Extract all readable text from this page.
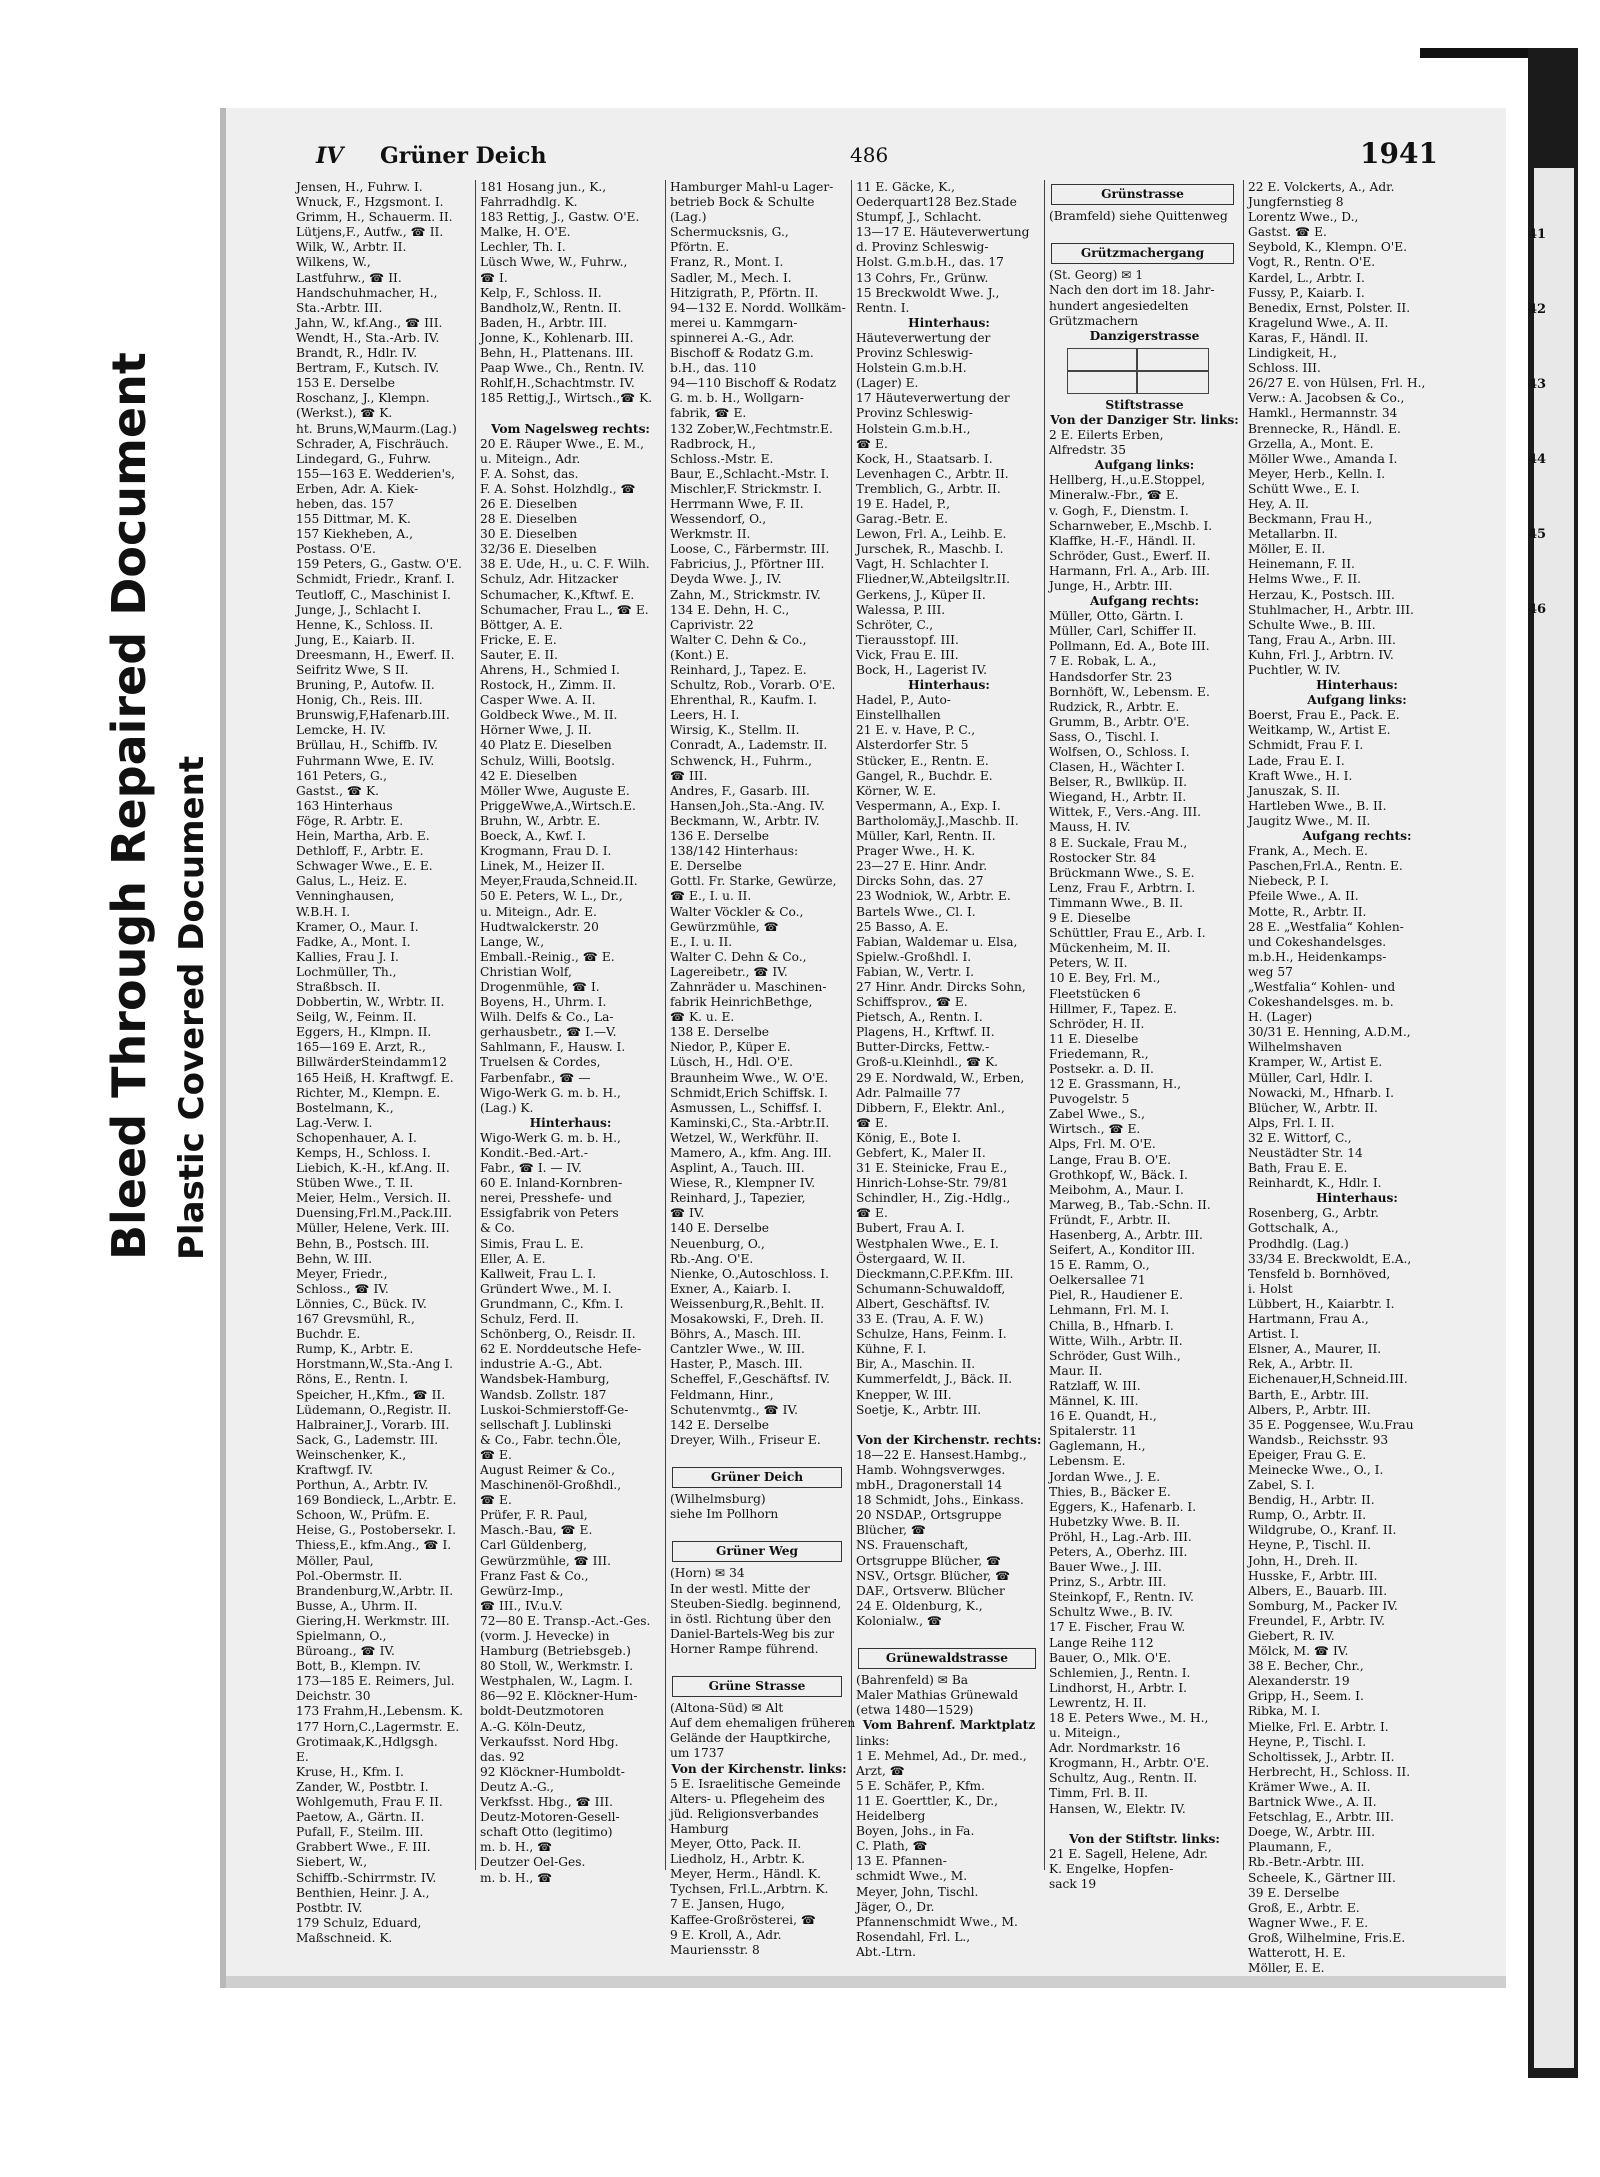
Bleed Through Repaired Document Plastic Covered Document
41
42
43
44
45
46
IV Grüner Deich	486	1941
Jensen, H., Fuhrw. I.
Wnuck, F., Hzgsmont. I.
Grimm, H., Schauerm. II.
Lütjens,F., Autfw., ☎ II.
Wilk, W., Arbtr. II.
Wilkens, W.,
Lastfuhrw., ☎ II.
Handschuhmacher, H.,
Sta.-Arbtr. III.
Jahn, W., kf.Ang., ☎ III.
Wendt, H., Sta.-Arb. IV.
Brandt, R., Hdlr. IV.
Bertram, F., Kutsch. IV.
153 E. Derselbe
Roschanz, J., Klempn.
(Werkst.), ☎ K.
ht. Bruns,W,Maurm.(Lag.)
Schrader, A, Fischräuch.
Lindegard, G., Fuhrw.
155—163 E. Wedderien's,
Erben, Adr. A. Kiek-
heben, das. 157
155 Dittmar, M. K.
157 Kiekheben, A.,
Postass. O'E.
159 Peters, G., Gastw. O'E.
Schmidt, Friedr., Kranf. I.
Teutloff, C., Maschinist I.
Junge, J., Schlacht I.
Henne, K., Schloss. II.
Jung, E., Kaiarb. II.
Dreesmann, H., Ewerf. II.
Seifritz Wwe, S II.
Bruning, P., Autofw. II.
Honig, Ch., Reis. III.
Brunswig,F,Hafenarb.III.
Lemcke, H. IV.
Brüllau, H., Schiffb. IV.
Fuhrmann Wwe, E. IV.
161 Peters, G.,
Gastst., ☎ K.
163 Hinterhaus
Föge, R. Arbtr. E.
Hein, Martha, Arb. E.
Dethloff, F., Arbtr. E.
Schwager Wwe., E. E.
Galus, L., Heiz. E.
Venninghausen,
W.B.H. I.
Kramer, O., Maur. I.
Fadke, A., Mont. I.
Kallies, Frau J. I.
Lochmüller, Th.,
Straßbsch. II.
Dobbertin, W., Wrbtr. II.
Seilg, W., Feinm. II.
Eggers, H., Klmpn. II.
165—169 E. Arzt, R.,
BillwärderSteindamm12
165 Heiß, H. Kraftwgf. E.
Richter, M., Klempn. E.
Bostelmann, K.,
Lag.-Verw. I.
Schopenhauer, A. I.
Kemps, H., Schloss. I.
Liebich, K.-H., kf.Ang. II.
Stüben Wwe., T. II.
Meier, Helm., Versich. II.
Duensing,Frl.M.,Pack.III.
Müller, Helene, Verk. III.
Behn, B., Postsch. III.
Behn, W. III.
Meyer, Friedr.,
Schloss., ☎ IV.
Lönnies, C., Bück. IV.
167 Grevsmühl, R.,
Buchdr. E.
Rump, K., Arbtr. E.
Horstmann,W.,Sta.-Ang I.
Röns, E., Rentn. I.
Speicher, H.,Kfm., ☎ II.
Lüdemann, O.,Registr. II.
Halbrainer,J., Vorarb. III.
Sack, G., Lademstr. III.
Weinschenker, K.,
Kraftwgf. IV.
Porthun, A., Arbtr. IV.
169 Bondieck, L.,Arbtr. E.
Schoon, W., Prüfm. E.
Heise, G., Postobersekr. I.
Thiess,E., kfm.Ang., ☎ I.
Möller, Paul,
Pol.-Obermstr. II.
Brandenburg,W.,Arbtr. II.
Busse, A., Uhrm. II.
Giering,H. Werkmstr. III.
Spielmann, O.,
Büroang., ☎ IV.
Bott, B., Klempn. IV.
173—185 E. Reimers, Jul.
Deichstr. 30
173 Frahm,H.,Lebensm. K.
177 Horn,C.,Lagermstr. E.
Grotimaak,K.,Hdlgsgh.
E.
Kruse, H., Kfm. I.
Zander, W., Postbtr. I.
Wohlgemuth, Frau F. II.
Paetow, A., Gärtn. II.
Pufall, F., Steilm. III.
Grabbert Wwe., F. III.
Siebert, W.,
Schiffb.-Schirrmstr. IV.
Benthien, Heinr. J. A.,
Postbtr. IV.
179 Schulz, Eduard,
Maßschneid. K.
181 Hosang jun., K.,
Fahrradhdlg. K.
183 Rettig, J., Gastw. O'E.
Malke, H. O'E.
Lechler, Th. I.
Lüsch Wwe, W., Fuhrw.,
☎ I.
Kelp, F., Schloss. II.
Bandholz,W., Rentn. II.
Baden, H., Arbtr. III.
Jonne, K., Kohlenarb. III.
Behn, H., Plattenans. III.
Paap Wwe., Ch., Rentn. IV.
Rohlf,H.,Schachtmstr. IV.
185 Rettig,J., Wirtsch.,☎ K.

Vom Nagelsweg rechts:
20 E. Räuper Wwe., E. M.,
u. Miteign., Adr.
F. A. Sohst, das.
F. A. Sohst. Holzhdlg., ☎
26 E. Dieselben
28 E. Dieselben
30 E. Dieselben
32/36 E. Dieselben
38 E. Ude, H., u. C. F. Wilh.
Schulz, Adr. Hitzacker
Schumacher, K.,Kftwf. E.
Schumacher, Frau L., ☎ E.
Böttger, A. E.
Fricke, E. E.
Sauter, E. II.
Ahrens, H., Schmied I.
Rostock, H., Zimm. II.
Casper Wwe. A. II.
Goldbeck Wwe., M. II.
Hörner Wwe, J. II.
40 Platz E. Dieselben
Schulz, Willi, Bootslg.
42 E. Dieselben
Möller Wwe, Auguste E.
PriggeWwe,A.,Wirtsch.E.
Bruhn, W., Arbtr. E.
Boeck, A., Kwf. I.
Krogmann, Frau D. I.
Linek, M., Heizer II.
Meyer,Frauda,Schneid.II.
50 E. Peters, W. L., Dr.,
u. Miteign., Adr. E.
Hudtwalckerstr. 20
Lange, W.,
Emball.-Reinig., ☎ E.
Christian Wolf,
Drogenmühle, ☎ I.
Boyens, H., Uhrm. I.
Wilh. Delfs & Co., La-
gerhausbetr., ☎ I.—V.
Sahlmann, F., Hausw. I.
Truelsen & Cordes,
Farbenfabr., ☎ —
Wigo-Werk G. m. b. H.,
(Lag.) K.
Hinterhaus:
Wigo-Werk G. m. b. H.,
Kondit.-Bed.-Art.-
Fabr., ☎ I. — IV.
60 E. Inland-Kornbren-
nerei, Presshefe- und
Essigfabrik von Peters
& Co.
Simis, Frau L. E.
Eller, A. E.
Kallweit, Frau L. I.
Gründert Wwe., M. I.
Grundmann, C., Kfm. I.
Schulz, Ferd. II.
Schönberg, O., Reisdr. II.
62 E. Norddeutsche Hefe-
industrie A.-G., Abt.
Wandsbek-Hamburg,
Wandsb. Zollstr. 187
Luskoi-Schmierstoff-Ge-
sellschaft J. Lublinski
& Co., Fabr. techn.Öle,
☎ E.
August Reimer & Co.,
Maschinenöl-Großhdl.,
☎ E.
Prüfer, F. R. Paul,
Masch.-Bau, ☎ E.
Carl Güldenberg,
Gewürzmühle, ☎ III.
Franz Fast & Co.,
Gewürz-Imp.,
☎ III., IV.u.V.
72—80 E. Transp.-Act.-Ges.
(vorm. J. Hevecke) in
Hamburg (Betriebsgeb.)
80 Stoll, W., Werkmstr. I.
Westphalen, W., Lagm. I.
86—92 E. Klöckner-Hum-
boldt-Deutzmotoren
A.-G. Köln-Deutz,
Verkaufsst. Nord Hbg.
das. 92
92 Klöckner-Humboldt-
Deutz A.-G.,
Verkfsst. Hbg., ☎ III.
Deutz-Motoren-Gesell-
schaft Otto (legitimo)
m. b. H., ☎
Deutzer Oel-Ges.
m. b. H., ☎
Hamburger Mahl-u Lager-
betrieb Bock & Schulte
(Lag.)
Schermucksnis, G.,
Pförtn. E.
Franz, R., Mont. I.
Sadler, M., Mech. I.
Hitzigrath, P., Pförtn. II.
94—132 E. Nordd. Wollkäm-
merei u. Kammgarn-
spinnerei A.-G., Adr.
Bischoff & Rodatz G.m.
b.H., das. 110
94—110 Bischoff & Rodatz
G. m. b. H., Wollgarn-
fabrik, ☎ E.
132 Zober,W.,Fechtmstr.E.
Radbrock, H.,
Schloss.-Mstr. E.
Baur, E.,Schlacht.-Mstr. I.
Mischler,F. Strickmstr. I.
Herrmann Wwe, F. II.
Wessendorf, O.,
Werkmstr. II.
Loose, C., Färbermstr. III.
Fabricius, J., Pförtner III.
Deyda Wwe. J., IV.
Zahn, M., Strickmstr. IV.
134 E. Dehn, H. C.,
Caprivistr. 22
Walter C. Dehn & Co.,
(Kont.) E.
Reinhard, J., Tapez. E.
Schultz, Rob., Vorarb. O'E.
Ehrenthal, R., Kaufm. I.
Leers, H. I.
Wirsig, K., Stellm. II.
Conradt, A., Lademstr. II.
Schwenck, H., Fuhrm.,
☎ III.
Andres, F., Gasarb. III.
Hansen,Joh.,Sta.-Ang. IV.
Beckmann, W., Arbtr. IV.
136 E. Derselbe
138/142 Hinterhaus:
E. Derselbe
Gottl. Fr. Starke, Gewürze,
☎ E., I. u. II.
Walter Vöckler & Co.,
Gewürzmühle, ☎
E., I. u. II.
Walter C. Dehn & Co.,
Lagereibetr., ☎ IV.
Zahnräder u. Maschinen-
fabrik HeinrichBethge,
☎ K. u. E.
138 E. Derselbe
Niedor, P., Küper E.
Lüsch, H., Hdl. O'E.
Braunheim Wwe., W. O'E.
Schmidt,Erich Schiffsk. I.
Asmussen, L., Schiffsf. I.
Kaminski,C., Sta.-Arbtr.II.
Wetzel, W., Werkführ. II.
Mamero, A., kfm. Ang. III.
Asplint, A., Tauch. III.
Wiese, R., Klempner IV.
Reinhard, J., Tapezier,
☎ IV.
140 E. Derselbe
Neuenburg, O.,
Rb.-Ang. O'E.
Nienke, O.,Autoschloss. I.
Exner, A., Kaiarb. I.
Weissenburg,R.,Behlt. II.
Mosakowski, F., Dreh. II.
Böhrs, A., Masch. III.
Cantzler Wwe., W. III.
Haster, P., Masch. III.
Scheffel, F.,Geschäftsf. IV.
Feldmann, Hinr.,
Schutenvmtg., ☎ IV.
142 E. Derselbe
Dreyer, Wilh., Friseur E.

Grüner Deich
(Wilhelmsburg)
siehe Im Pollhorn

Grüner Weg
(Horn) ✉ 34
In der westl. Mitte der
Steuben-Siedlg. beginnend,
in östl. Richtung über den
Daniel-Bartels-Weg bis zur
Horner Rampe führend.

Grüne Strasse
(Altona-Süd) ✉ Alt
Auf dem ehemaligen früheren
Gelände der Hauptkirche,
um 1737
Von der Kirchenstr. links:
5 E. Israelitische Gemeinde
Alters- u. Pflegeheim des
jüd. Religionsverbandes
Hamburg
Meyer, Otto, Pack. II.
Liedholz, H., Arbtr. K.
Meyer, Herm., Händl. K.
Tychsen, Frl.L.,Arbtrn. K.
7 E. Jansen, Hugo,
Kaffee-Großrösterei, ☎
9 E. Kroll, A., Adr.
Mauriensstr. 8
11 E. Gäcke, K.,
Oederquart128 Bez.Stade
Stumpf, J., Schlacht.
13—17 E. Häuteverwertung
d. Provinz Schleswig-
Holst. G.m.b.H., das. 17
13 Cohrs, Fr., Grünw.
15 Breckwoldt Wwe. J.,
Rentn. I.
Hinterhaus:
Häuteverwertung der
Provinz Schleswig-
Holstein G.m.b.H.
(Lager) E.
17 Häuteverwertung der
Provinz Schleswig-
Holstein G.m.b.H.,
☎ E.
Kock, H., Staatsarb. I.
Levenhagen C., Arbtr. II.
Tremblich, G., Arbtr. II.
19 E. Hadel, P.,
Garag.-Betr. E.
Lewon, Frl. A., Leihb. E.
Jurschek, R., Maschb. I.
Vagt, H. Schlachter I.
Fliedner,W.,Abteilgsltr.II.
Gerkens, J., Küper II.
Walessa, P. III.
Schröter, C.,
Tierausstopf. III.
Vick, Frau E. III.
Bock, H., Lagerist IV.
Hinterhaus:
Hadel, P., Auto-
Einstellhallen
21 E. v. Have, P. C.,
Alsterdorfer Str. 5
Stücker, E., Rentn. E.
Gangel, R., Buchdr. E.
Körner, W. E.
Vespermann, A., Exp. I.
Bartholomäy,J.,Maschb. II.
Müller, Karl, Rentn. II.
Prager Wwe., H. K.
23—27 E. Hinr. Andr.
Dircks Sohn, das. 27
23 Wodniok, W., Arbtr. E.
Bartels Wwe., Cl. I.
25 Basso, A. E.
Fabian, Waldemar u. Elsa,
Spielw.-Großhdl. I.
Fabian, W., Vertr. I.
27 Hinr. Andr. Dircks Sohn,
Schiffsprov., ☎ E.
Pietsch, A., Rentn. I.
Plagens, H., Krftwf. II.
Butter-Dircks, Fettw.-
Groß-u.Kleinhdl., ☎ K.
29 E. Nordwald, W., Erben,
Adr. Palmaille 77
Dibbern, F., Elektr. Anl.,
☎ E.
König, E., Bote I.
Gebfert, K., Maler II.
31 E. Steinicke, Frau E.,
Hinrich-Lohse-Str. 79/81
Schindler, H., Zig.-Hdlg.,
☎ E.
Bubert, Frau A. I.
Westphalen Wwe., E. I.
Östergaard, W. II.
Dieckmann,C.P.F.Kfm. III.
Schumann-Schuwaldoff,
Albert, Geschäftsf. IV.
33 E. (Trau, A. F. W.)
Schulze, Hans, Feinm. I.
Kühne, F. I.
Bir, A., Maschin. II.
Kummerfeldt, J., Bäck. II.
Knepper, W. III.
Soetje, K., Arbtr. III.

Von der Kirchenstr. rechts:
18—22 E. Hansest.Hambg.,
Hamb. Wohngsverwges.
mbH., Dragonerstall 14
18 Schmidt, Johs., Einkass.
20 NSDAP., Ortsgruppe
Blücher, ☎
NS. Frauenschaft,
Ortsgruppe Blücher, ☎
NSV., Ortsgr. Blücher, ☎
DAF., Ortsverw. Blücher
24 E. Oldenburg, K.,
Kolonialw., ☎

Grünewaldstrasse
(Bahrenfeld) ✉ Ba
Maler Mathias Grünewald
(etwa 1480—1529)
Vom Bahrenf. Marktplatz
links:
1 E. Mehmel, Ad., Dr. med.,
Arzt, ☎
5 E. Schäfer, P., Kfm.
11 E. Goerttler, K., Dr.,
Heidelberg
Boyen, Johs., in Fa.
C. Plath, ☎
13 E. Pfannen-
schmidt Wwe., M.
Meyer, John, Tischl.
Jäger, O., Dr.
Pfannenschmidt Wwe., M.
Rosendahl, Frl. L.,
Abt.-Ltrn.
Grünstrasse
(Bramfeld) siehe Quittenweg

Grützmachergang
(St. Georg) ✉ 1
Nach den dort im 18. Jahr-
hundert angesiedelten
Grützmachern
Danzigerstrasse
Stiftstrasse
Von der Danziger Str. links:
2 E. Eilerts Erben,
Alfredstr. 35
Aufgang links:
Hellberg, H.,u.E.Stoppel,
Mineralw.-Fbr., ☎ E.
v. Gogh, F., Dienstm. I.
Scharnweber, E.,Mschb. I.
Klaffke, H.-F., Händl. II.
Schröder, Gust., Ewerf. II.
Harmann, Frl. A., Arb. III.
Junge, H., Arbtr. III.
Aufgang rechts:
Müller, Otto, Gärtn. I.
Müller, Carl, Schiffer II.
Pollmann, Ed. A., Bote III.
7 E. Robak, L. A.,
Handsdorfer Str. 23
Bornhöft, W., Lebensm. E.
Rudzick, R., Arbtr. E.
Grumm, B., Arbtr. O'E.
Sass, O., Tischl. I.
Wolfsen, O., Schloss. I.
Clasen, H., Wächter I.
Belser, R., Bwllküp. II.
Wiegand, H., Arbtr. II.
Wittek, F., Vers.-Ang. III.
Mauss, H. IV.
8 E. Suckale, Frau M.,
Rostocker Str. 84
Brückmann Wwe., S. E.
Lenz, Frau F., Arbtrn. I.
Timmann Wwe., B. II.
9 E. Dieselbe
Schüttler, Frau E., Arb. I.
Mückenheim, M. II.
Peters, W. II.
10 E. Bey, Frl. M.,
Fleetstücken 6
Hillmer, F., Tapez. E.
Schröder, H. II.
11 E. Dieselbe
Friedemann, R.,
Postsekr. a. D. II.
12 E. Grassmann, H.,
Puvogelstr. 5
Zabel Wwe., S.,
Wirtsch., ☎ E.
Alps, Frl. M. O'E.
Lange, Frau B. O'E.
Grothkopf, W., Bäck. I.
Meibohm, A., Maur. I.
Marweg, B., Tab.-Schn. II.
Fründt, F., Arbtr. II.
Hasenberg, A., Arbtr. III.
Seifert, A., Konditor III.
15 E. Ramm, O.,
Oelkersallee 71
Piel, R., Haudiener E.
Lehmann, Frl. M. I.
Chilla, B., Hfnarb. I.
Witte, Wilh., Arbtr. II.
Schröder, Gust Wilh.,
Maur. II.
Ratzlaff, W. III.
Männel, K. III.
16 E. Quandt, H.,
Spitalerstr. 11
Gaglemann, H.,
Lebensm. E.
Jordan Wwe., J. E.
Thies, B., Bäcker E.
Eggers, K., Hafenarb. I.
Hubetzky Wwe. B. II.
Pröhl, H., Lag.-Arb. III.
Peters, A., Oberhz. III.
Bauer Wwe., J. III.
Prinz, S., Arbtr. III.
Steinkopf, F., Rentn. IV.
Schultz Wwe., B. IV.
17 E. Fischer, Frau W.
Lange Reihe 112
Bauer, O., Mlk. O'E.
Schlemien, J., Rentn. I.
Lindhorst, H., Arbtr. I.
Lewrentz, H. II.
18 E. Peters Wwe., M. H.,
u. Miteign.,
Adr. Nordmarkstr. 16
Krogmann, H., Arbtr. O'E.
Schultz, Aug., Rentn. II.
Timm, Frl. B. II.
Hansen, W., Elektr. IV.

Von der Stiftstr. links:
21 E. Sagell, Helene, Adr.
K. Engelke, Hopfen-
sack 19
22 E. Volckerts, A., Adr.
Jungfernstieg 8
Lorentz Wwe., D.,
Gastst. ☎ E.
Seybold, K., Klempn. O'E.
Vogt, R., Rentn. O'E.
Kardel, L., Arbtr. I.
Fussy, P., Kaiarb. I.
Benedix, Ernst, Polster. II.
Kragelund Wwe., A. II.
Karas, F., Händl. II.
Lindigkeit, H.,
Schloss. III.
26/27 E. von Hülsen, Frl. H.,
Verw.: A. Jacobsen & Co.,
Hamkl., Hermannstr. 34
Brennecke, R., Händl. E.
Grzella, A., Mont. E.
Möller Wwe., Amanda I.
Meyer, Herb., Kelln. I.
Schütt Wwe., E. I.
Hey, A. II.
Beckmann, Frau H.,
Metallarbn. II.
Möller, E. II.
Heinemann, F. II.
Helms Wwe., F. II.
Herzau, K., Postsch. III.
Stuhlmacher, H., Arbtr. III.
Schulte Wwe., B. III.
Tang, Frau A., Arbn. III.
Kuhn, Frl. J., Arbtrn. IV.
Puchtler, W. IV.
Hinterhaus:
Aufgang links:
Boerst, Frau E., Pack. E.
Weitkamp, W., Artist E.
Schmidt, Frau F. I.
Lade, Frau E. I.
Kraft Wwe., H. I.
Januszak, S. II.
Hartleben Wwe., B. II.
Jaugitz Wwe., M. II.
Aufgang rechts:
Frank, A., Mech. E.
Paschen,Frl.A., Rentn. E.
Niebeck, P. I.
Pfeile Wwe., A. II.
Motte, R., Arbtr. II.
28 E. „Westfalia“ Kohlen-
und Cokeshandelsges.
m.b.H., Heidenkamps-
weg 57
„Westfalia“ Kohlen- und
Cokeshandelsges. m. b.
H. (Lager)
30/31 E. Henning, A.D.M.,
Wilhelmshaven
Kramper, W., Artist E.
Müller, Carl, Hdlr. I.
Nowacki, M., Hfnarb. I.
Blücher, W., Arbtr. II.
Alps, Frl. I. II.
32 E. Wittorf, C.,
Neustädter Str. 14
Bath, Frau E. E.
Reinhardt, K., Hdlr. I.
Hinterhaus:
Rosenberg, G., Arbtr.
Gottschalk, A.,
Prodhdlg. (Lag.)
33/34 E. Breckwoldt, E.A.,
Tensfeld b. Bornhöved,
i. Holst
Lübbert, H., Kaiarbtr. I.
Hartmann, Frau A.,
Artist. I.
Elsner, A., Maurer, II.
Rek, A., Arbtr. II.
Eichenauer,H,Schneid.III.
Barth, E., Arbtr. III.
Albers, P., Arbtr. III.
35 E. Poggensee, W.u.Frau
Wandsb., Reichsstr. 93
Epeiger, Frau G. E.
Meinecke Wwe., O., I.
Zabel, S. I.
Bendig, H., Arbtr. II.
Rump, O., Arbtr. II.
Wildgrube, O., Kranf. II.
Heyne, P., Tischl. II.
John, H., Dreh. II.
Husske, F., Arbtr. III.
Albers, E., Bauarb. III.
Somburg, M., Packer IV.
Freundel, F., Arbtr. IV.
Giebert, R. IV.
Mölck, M. ☎ IV.
38 E. Becher, Chr.,
Alexanderstr. 19
Gripp, H., Seem. I.
Ribka, M. I.
Mielke, Frl. E. Arbtr. I.
Heyne, P., Tischl. I.
Scholtissek, J., Arbtr. II.
Herbrecht, H., Schloss. II.
Krämer Wwe., A. II.
Bartnick Wwe., A. II.
Fetschlag, E., Arbtr. III.
Doege, W., Arbtr. III.
Plaumann, F.,
Rb.-Betr.-Arbtr. III.
Scheele, K., Gärtner III.
39 E. Derselbe
Groß, E., Arbtr. E.
Wagner Wwe., F. E.
Groß, Wilhelmine, Fris.E.
Watterott, H. E.
Möller, E. E.
